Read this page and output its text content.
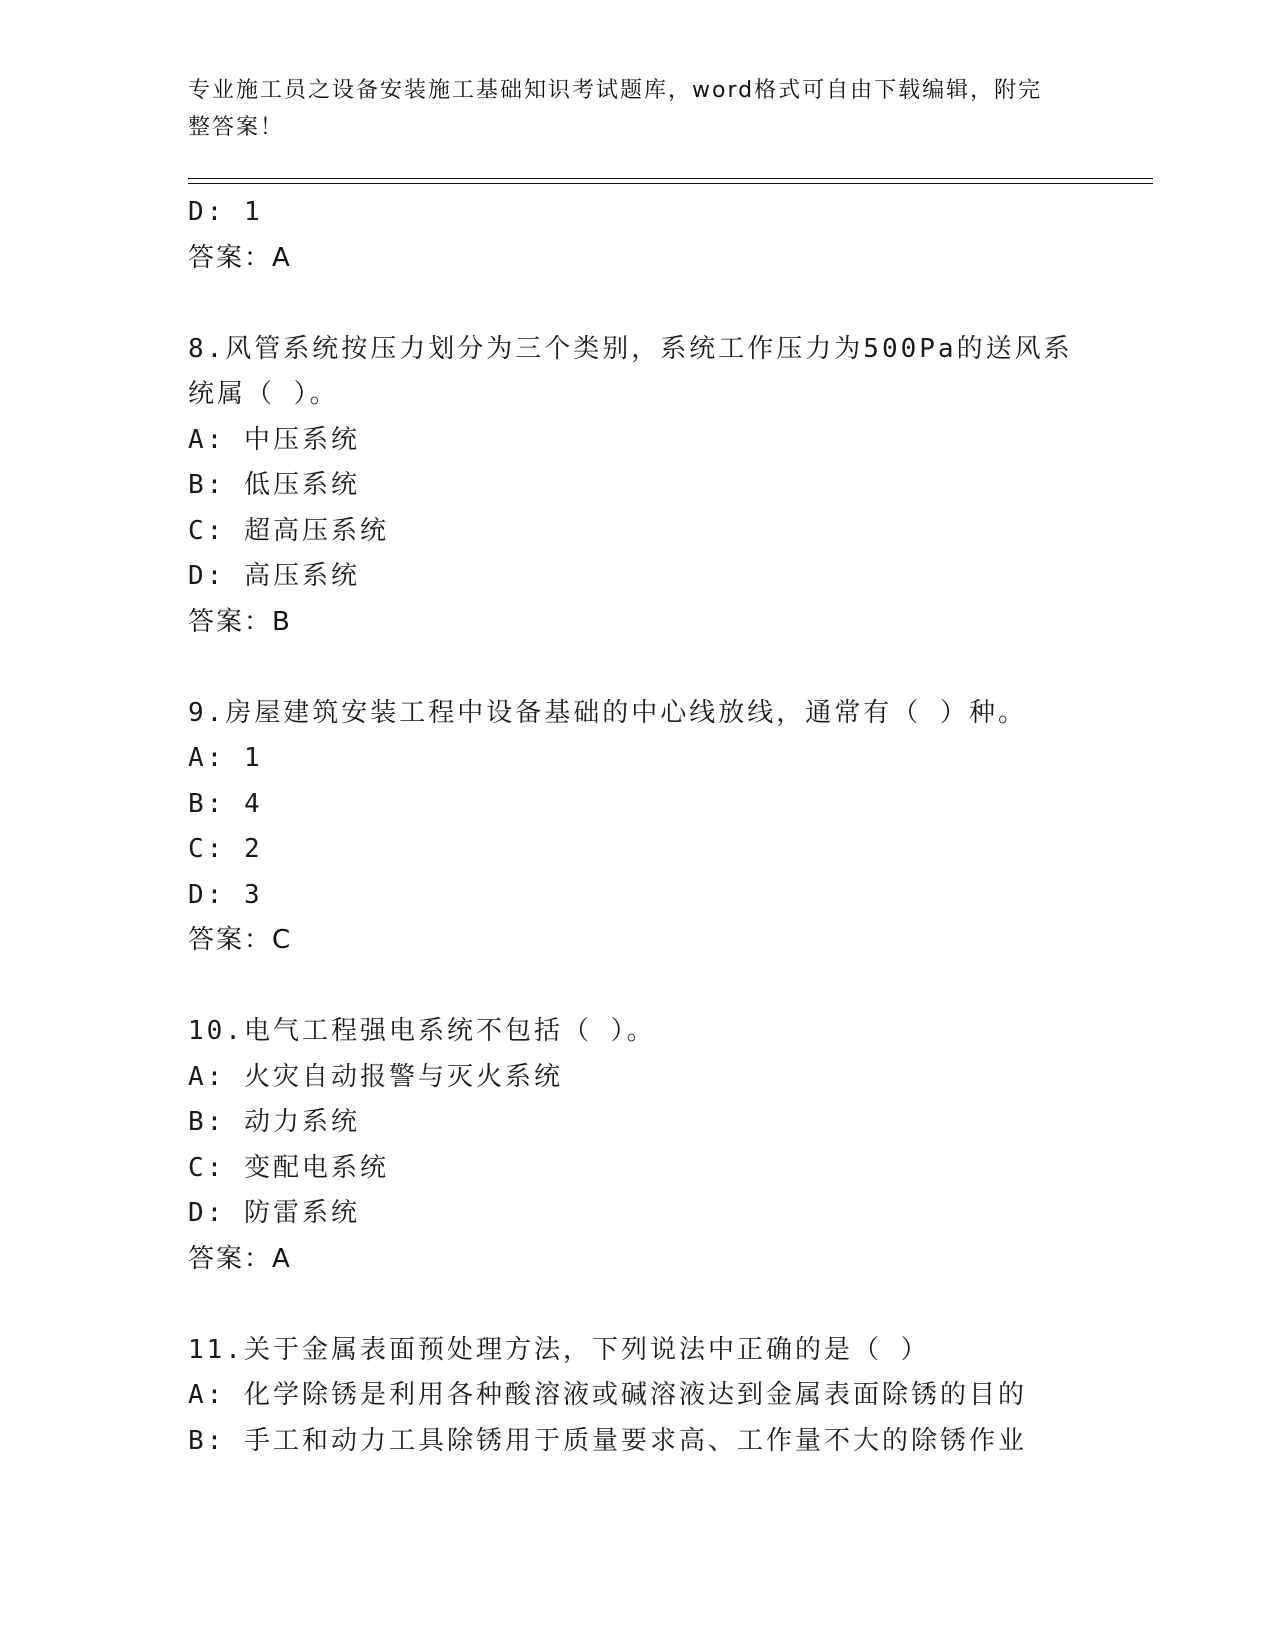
专业施工员之设备安装施工基础知识考试题库，word格式可自由下载编辑，附完
整答案！
D: 1
答案：A
8.风管系统按压力划分为三个类别，系统工作压力为500Pa的送风系
统属（ ）。
A: 中压系统
B: 低压系统
C: 超高压系统
D: 高压系统
答案：B
9.房屋建筑安装工程中设备基础的中心线放线，通常有（ ）种。
A: 1
B: 4
C: 2
D: 3
答案：C
10.电气工程强电系统不包括（ ）。
A: 火灾自动报警与灭火系统
B: 动力系统
C: 变配电系统
D: 防雷系统
答案：A
11.关于金属表面预处理方法，下列说法中正确的是（ ）
A: 化学除锈是利用各种酸溶液或碱溶液达到金属表面除锈的目的
B: 手工和动力工具除锈用于质量要求高、工作量不大的除锈作业
